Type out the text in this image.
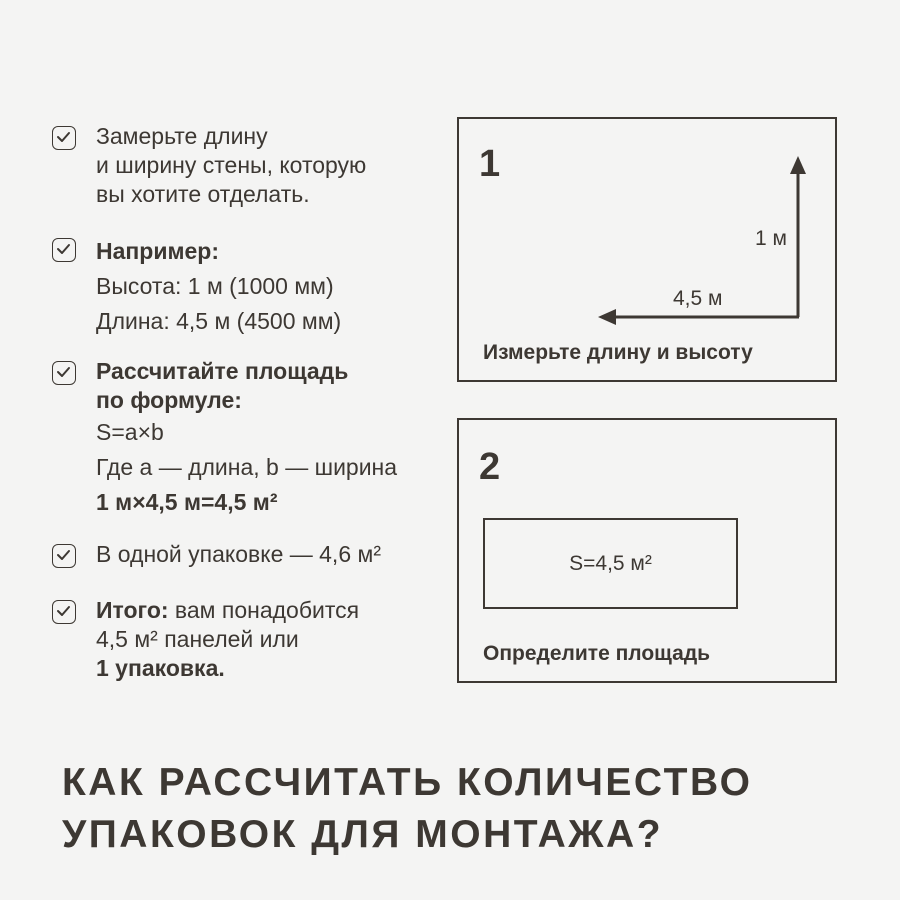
Замерьте длину
и ширину стены, которую
вы хотите отделать.
Например:
Высота: 1 м (1000 мм)
Длина: 4,5 м (4500 мм)
Рассчитайте площадь
по формуле:
S=a×b
Где а — длина, b — ширина
1 м×4,5 м=4,5 м²
В одной упаковке — 4,6 м²
Итого: вам понадобится
4,5 м² панелей или
1 упаковка.
1
1 м
4,5 м
Измерьте длину и высоту
2
S=4,5 м²
Определите площадь
КАК РАССЧИТАТЬ КОЛИЧЕСТВО
УПАКОВОК ДЛЯ МОНТАЖА?
